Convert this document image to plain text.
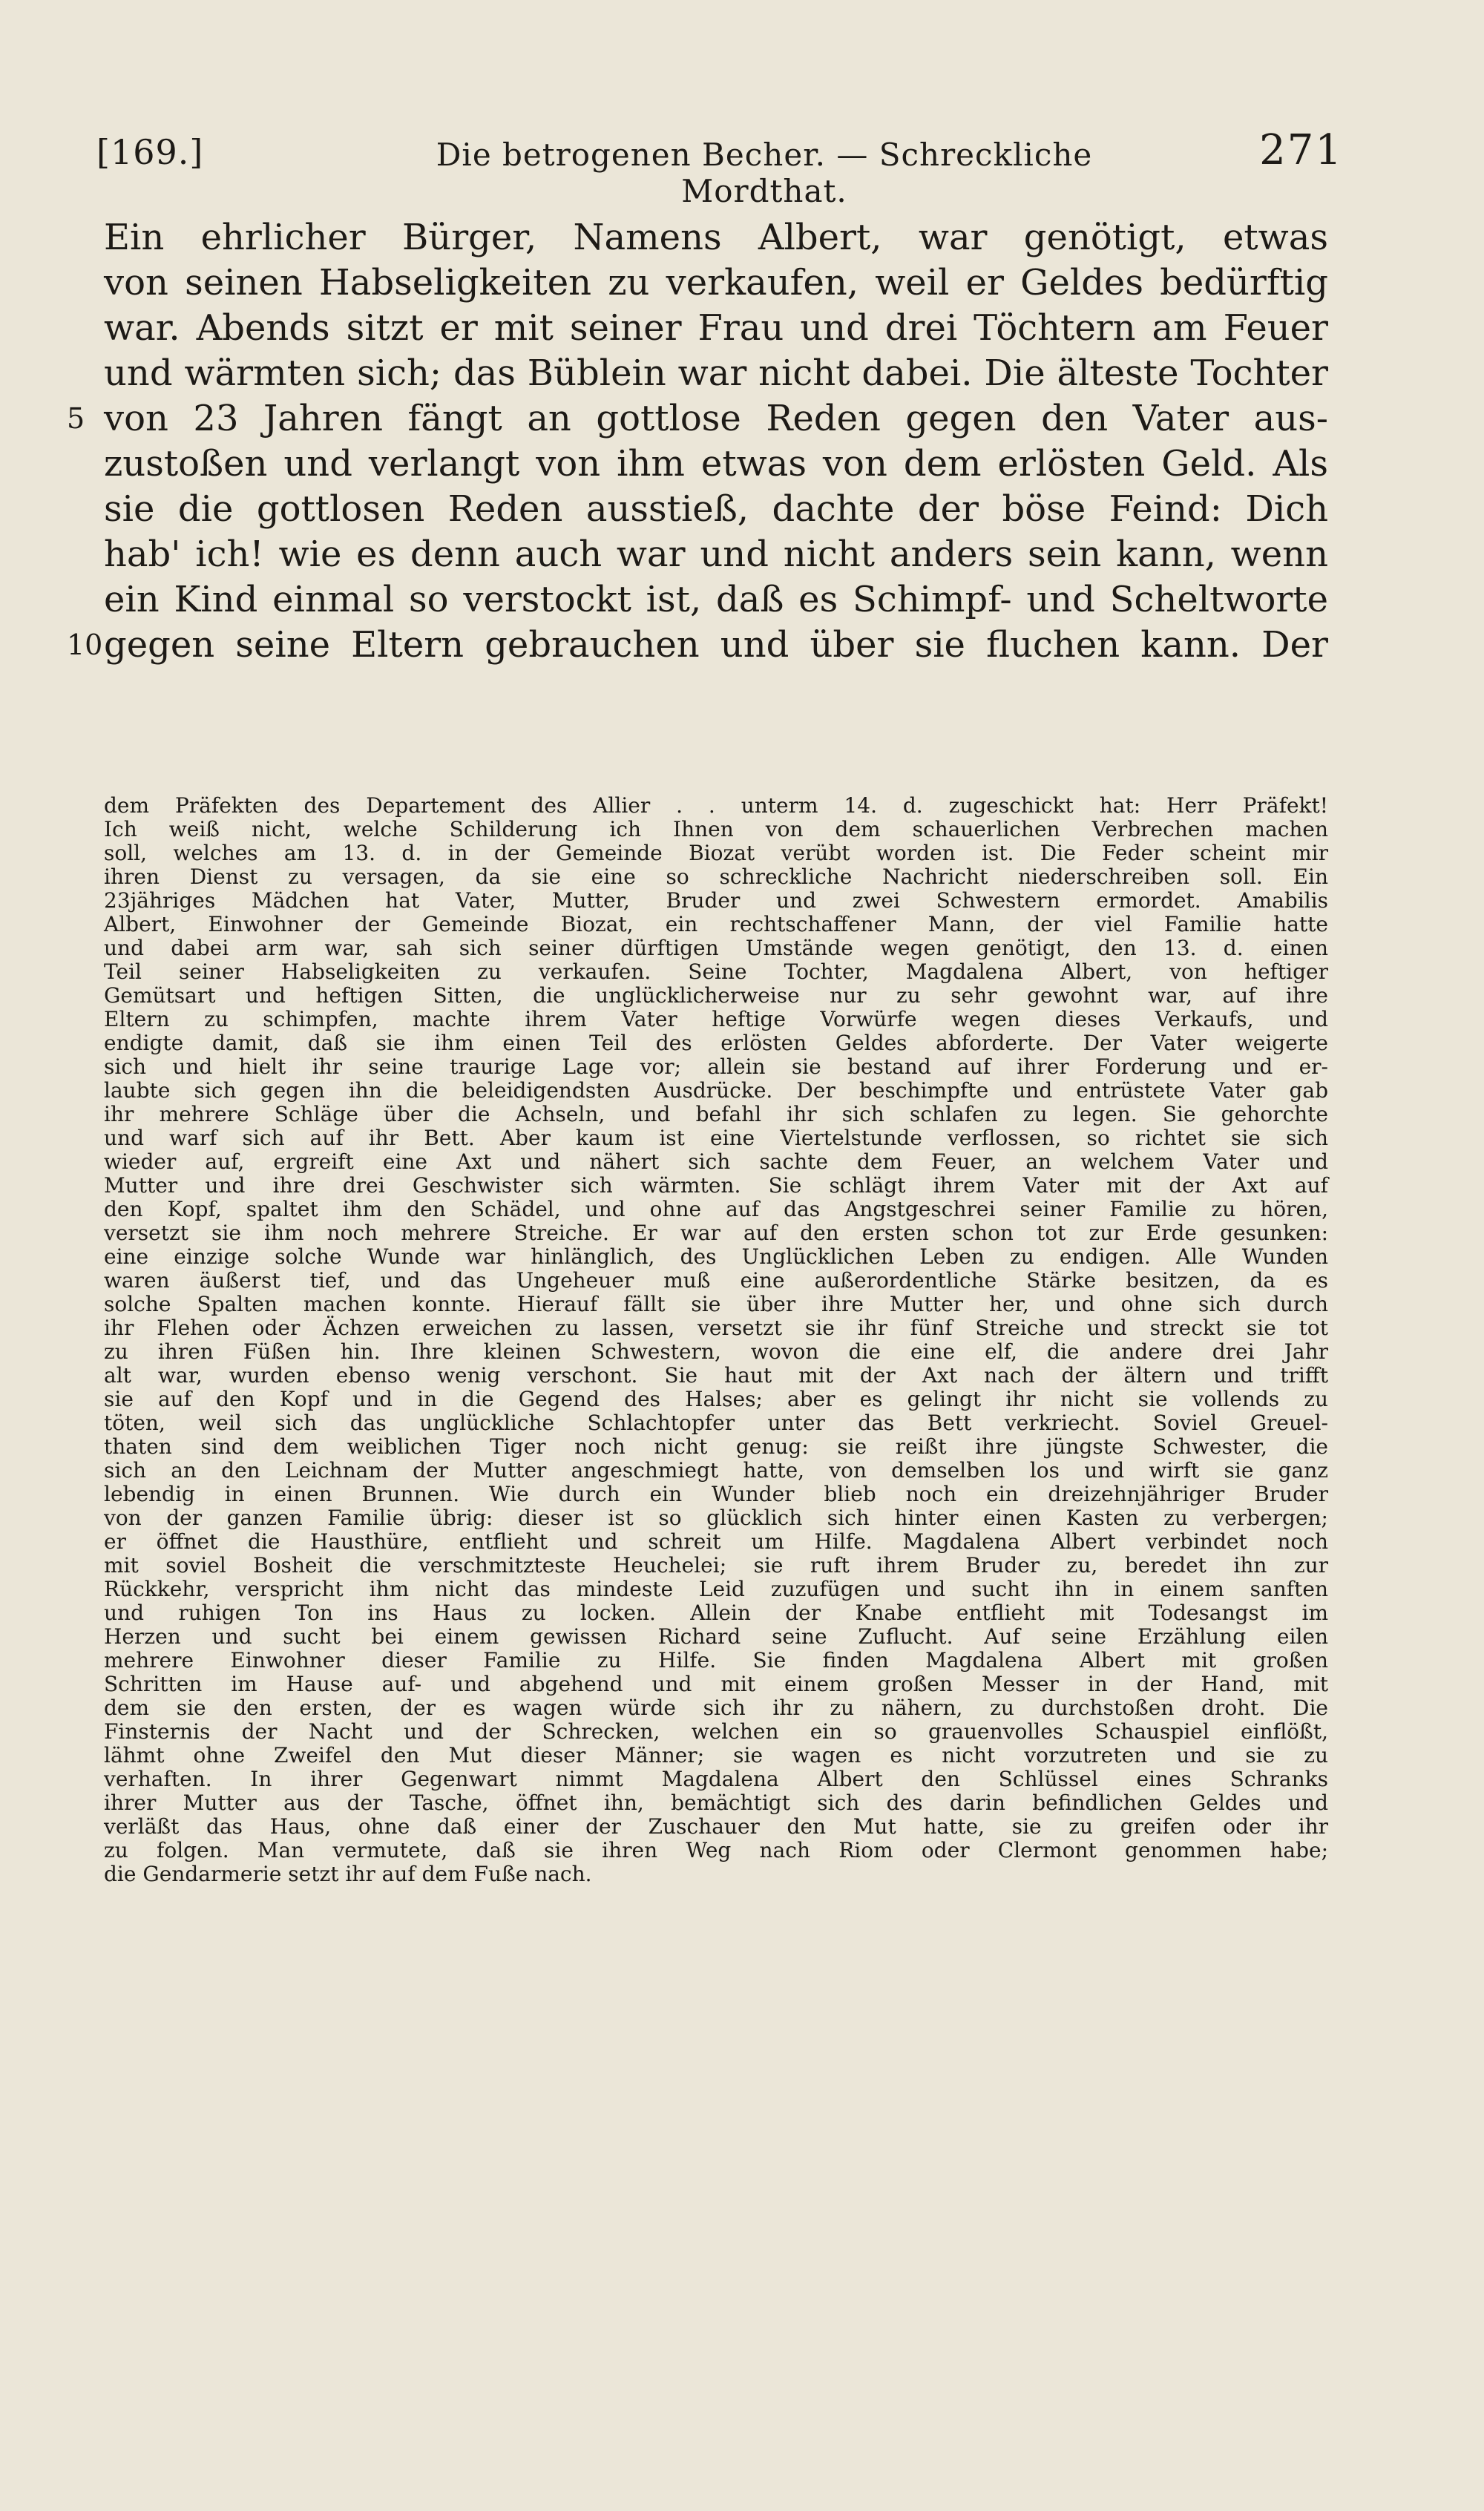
[169.]	Die betrogenen Becher. — Schreckliche Mordthat.
271
Ein ehrlicher Bürger, Namens Albert, war genötigt, etwas
von seinen Habseligkeiten zu verkaufen, weil er Geldes bedürftig
war. Abends sitzt er mit seiner Frau und drei Töchtern am Feuer
und wärmten sich; das Büblein war nicht dabei. Die älteste Tochter
5 von 23 Jahren fängt an gottlose Reden gegen den Vater aus-
zustoßen und verlangt von ihm etwas von dem erlösten Geld. Als
sie die gottlosen Reden ausstieß, dachte der böse Feind: Dich
hab' ich! wie es denn auch war und nicht anders sein kann, wenn
ein Kind einmal so verstockt ist, daß es Schimpf- und Scheltworte
10 gegen seine Eltern gebrauchen und über sie fluchen kann. Der
dem Präfekten des Departement des Allier . . unterm 14. d. zugeschickt hat: Herr Präfekt!
Ich weiß nicht, welche Schilderung ich Ihnen von dem schauerlichen Verbrechen machen
soll, welches am 13. d. in der Gemeinde Biozat verübt worden ist. Die Feder scheint mir
ihren Dienst zu versagen, da sie eine so schreckliche Nachricht niederschreiben soll. Ein
23jähriges Mädchen hat Vater, Mutter, Bruder und zwei Schwestern ermordet. Amabilis
Albert, Einwohner der Gemeinde Biozat, ein rechtschaffener Mann, der viel Familie hatte
und dabei arm war, sah sich seiner dürftigen Umstände wegen genötigt, den 13. d. einen
Teil seiner Habseligkeiten zu verkaufen. Seine Tochter, Magdalena Albert, von heftiger
Gemütsart und heftigen Sitten, die unglücklicherweise nur zu sehr gewohnt war, auf ihre
Eltern zu schimpfen, machte ihrem Vater heftige Vorwürfe wegen dieses Verkaufs, und
endigte damit, daß sie ihm einen Teil des erlösten Geldes abforderte. Der Vater weigerte
sich und hielt ihr seine traurige Lage vor; allein sie bestand auf ihrer Forderung und er-
laubte sich gegen ihn die beleidigendsten Ausdrücke. Der beschimpfte und entrüstete Vater gab
ihr mehrere Schläge über die Achseln, und befahl ihr sich schlafen zu legen. Sie gehorchte
und warf sich auf ihr Bett. Aber kaum ist eine Viertelstunde verflossen, so richtet sie sich
wieder auf, ergreift eine Axt und nähert sich sachte dem Feuer, an welchem Vater und
Mutter und ihre drei Geschwister sich wärmten. Sie schlägt ihrem Vater mit der Axt auf
den Kopf, spaltet ihm den Schädel, und ohne auf das Angstgeschrei seiner Familie zu hören,
versetzt sie ihm noch mehrere Streiche. Er war auf den ersten schon tot zur Erde gesunken:
eine einzige solche Wunde war hinlänglich, des Unglücklichen Leben zu endigen. Alle Wunden
waren äußerst tief, und das Ungeheuer muß eine außerordentliche Stärke besitzen, da es
solche Spalten machen konnte. Hierauf fällt sie über ihre Mutter her, und ohne sich durch
ihr Flehen oder Ächzen erweichen zu lassen, versetzt sie ihr fünf Streiche und streckt sie tot
zu ihren Füßen hin. Ihre kleinen Schwestern, wovon die eine elf, die andere drei Jahr
alt war, wurden ebenso wenig verschont. Sie haut mit der Axt nach der ältern und trifft
sie auf den Kopf und in die Gegend des Halses; aber es gelingt ihr nicht sie vollends zu
töten, weil sich das unglückliche Schlachtopfer unter das Bett verkriecht. Soviel Greuel-
thaten sind dem weiblichen Tiger noch nicht genug: sie reißt ihre jüngste Schwester, die
sich an den Leichnam der Mutter angeschmiegt hatte, von demselben los und wirft sie ganz
lebendig in einen Brunnen. Wie durch ein Wunder blieb noch ein dreizehnjähriger Bruder
von der ganzen Familie übrig: dieser ist so glücklich sich hinter einen Kasten zu verbergen;
er öffnet die Hausthüre, entflieht und schreit um Hilfe. Magdalena Albert verbindet noch
mit soviel Bosheit die verschmitzteste Heuchelei; sie ruft ihrem Bruder zu, beredet ihn zur
Rückkehr, verspricht ihm nicht das mindeste Leid zuzufügen und sucht ihn in einem sanften
und ruhigen Ton ins Haus zu locken. Allein der Knabe entflieht mit Todesangst im
Herzen und sucht bei einem gewissen Richard seine Zuflucht. Auf seine Erzählung eilen
mehrere Einwohner dieser Familie zu Hilfe. Sie finden Magdalena Albert mit großen
Schritten im Hause auf- und abgehend und mit einem großen Messer in der Hand, mit
dem sie den ersten, der es wagen würde sich ihr zu nähern, zu durchstoßen droht. Die
Finsternis der Nacht und der Schrecken, welchen ein so grauenvolles Schauspiel einflößt,
lähmt ohne Zweifel den Mut dieser Männer; sie wagen es nicht vorzutreten und sie zu
verhaften. In ihrer Gegenwart nimmt Magdalena Albert den Schlüssel eines Schranks
ihrer Mutter aus der Tasche, öffnet ihn, bemächtigt sich des darin befindlichen Geldes und
verläßt das Haus, ohne daß einer der Zuschauer den Mut hatte, sie zu greifen oder ihr
zu folgen. Man vermutete, daß sie ihren Weg nach Riom oder Clermont genommen habe;
die Gendarmerie setzt ihr auf dem Fuße nach.
